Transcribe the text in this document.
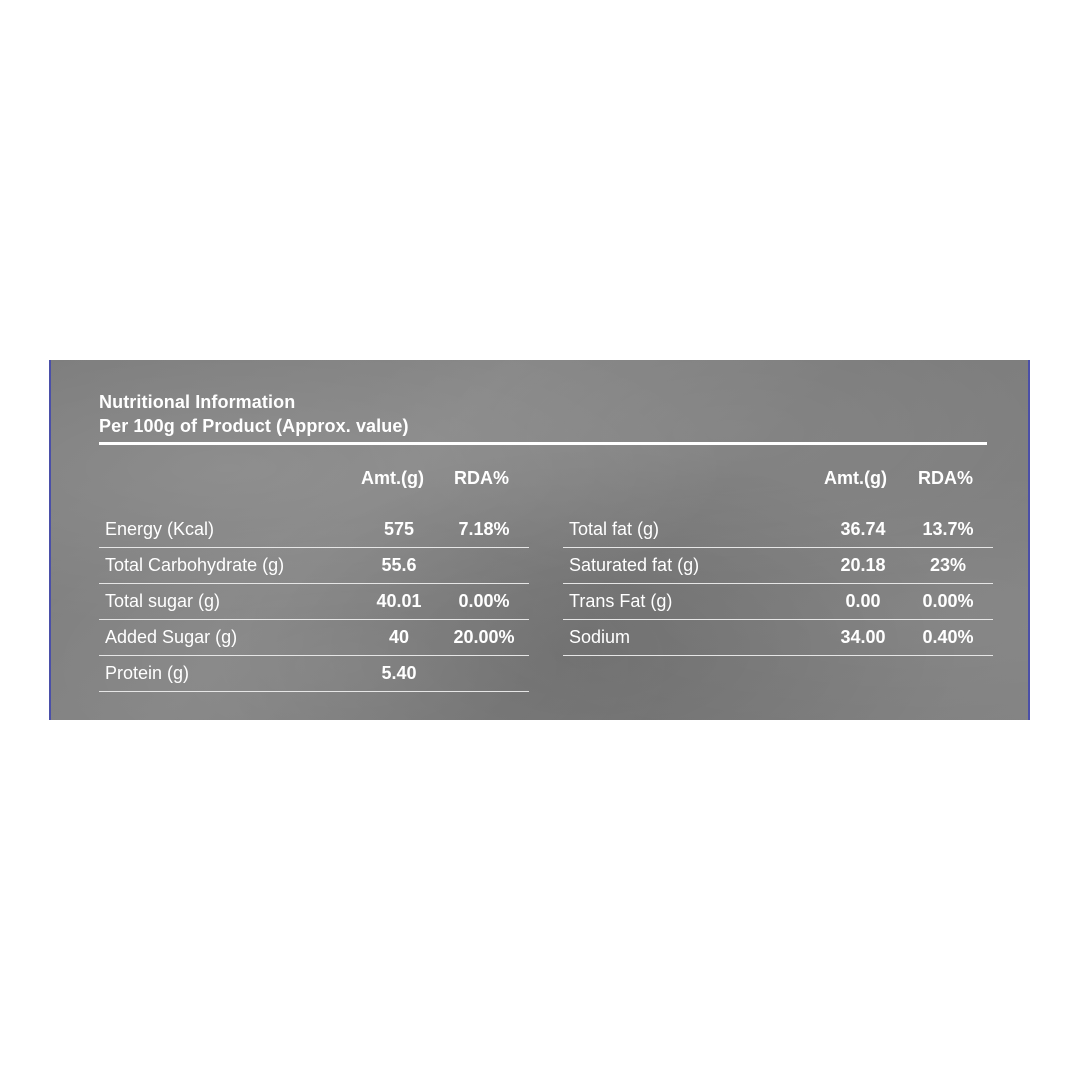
Nutritional Information
Per 100g of Product (Approx. value)
Amt.(g) RDA%	Amt.(g) RDA%
Energy (Kcal)	575	7.18%
Total Carbohydrate (g)	55.6
Total sugar (g)	40.01	0.00%
Added Sugar (g)	40	20.00%
Protein (g)	5.40
Total fat (g)	36.74	13.7%
Saturated fat (g)	20.18	23%
Trans Fat (g)	0.00	0.00%
Sodium	34.00	0.40%
